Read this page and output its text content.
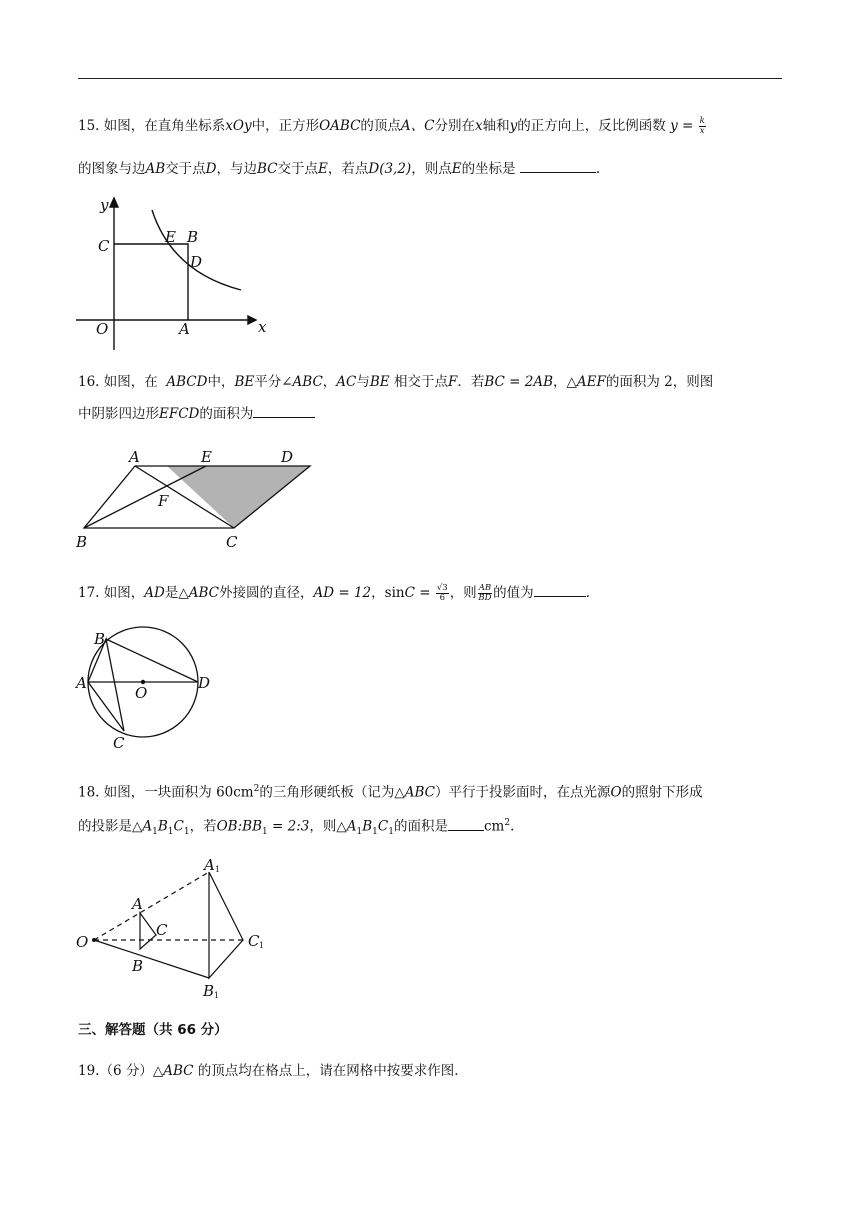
15. 如图，在直角坐标系xOy中，正方形OABC的顶点A、C分别在x轴和y的正方向上，反比例函数 $y = \frac{k}{x}$
的图象与边AB交于点D，与边BC交于点E，若点D(3,2)，则点E的坐标是	.
y
x
O	A
C	E B
D
16. 如图，在 ABCD中，BE平分∠ABC，AC与BE 相交于点F．若BC = 2AB，△AEF的面积为 2，则图
中阴影四边形EFCD的面积为
A	E	D
F
B	C
17. 如图，AD是△ABC外接圆的直径，AD = 12，$\sin C = \frac{√3}{6}$ ，则 $\frac{AB}{BD}$ 的值为	.
A
B
O
D
C
18. 如图，一块面积为 $60cm^2$的三角形硬纸板（记为△ABC）平行于投影面时，在点光源O的照射下形成
的投影是$\triangle A_1B_1C_1$，若$OB:BB_1$ = 2:3，则$\triangle A_1B_1C_1$的面积是	$cm^2$.
O
A
C
B
A 1
C 1
B 1
三、解答题（共 66 分）
19.（6 分）△ABC 的顶点均在格点上，请在网格中按要求作图.
